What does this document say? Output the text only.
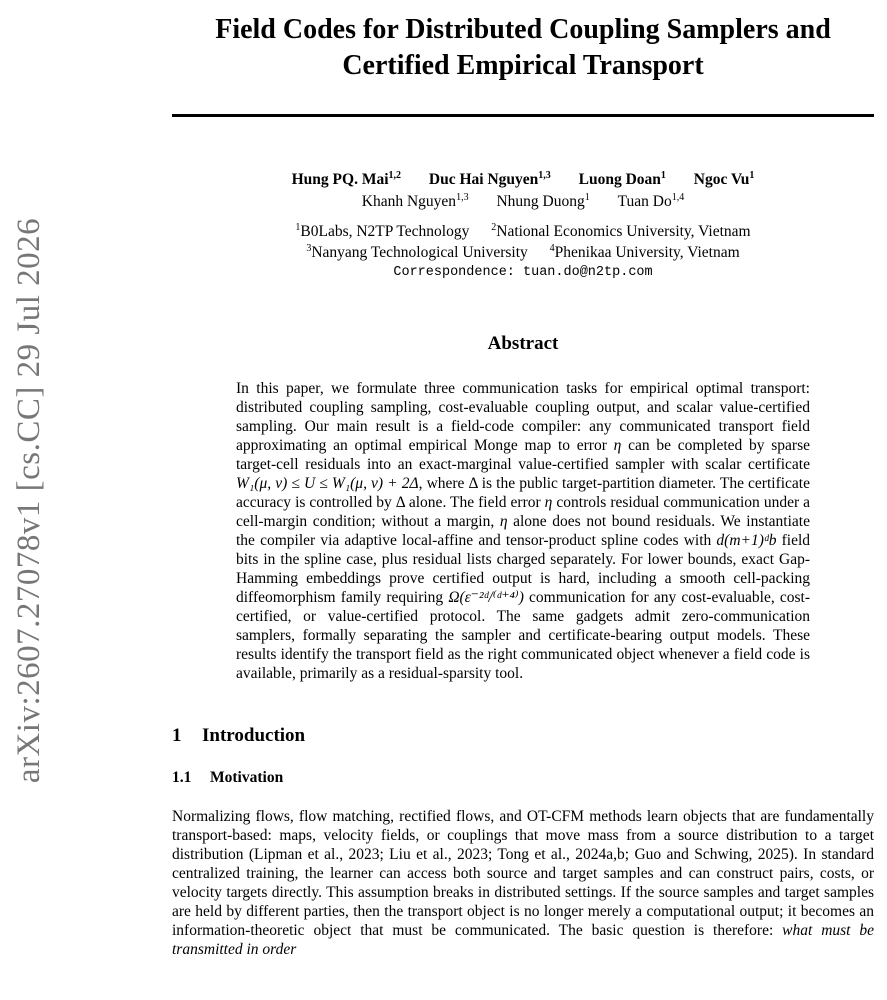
arXiv:2607.27078v1 [cs.CC] 29 Jul 2026
Field Codes for Distributed Coupling Samplers and
Certified Empirical Transport
Hung PQ. Mai$^{1,2}$ Duc Hai Nguyen$^{1,3}$ Luong Doan$^1$ Ngoc Vu$^1$
Khanh Nguyen$^{1,3}$ Nhung Duong$^1$ Tuan Do$^{1,4}$
$^1$B0Labs, N2TP Technology $^2$National Economics University, Vietnam
$^3$Nanyang Technological University $^4$Phenikaa University, Vietnam
Correspondence: tuan.do@n2tp.com
Abstract
In this paper, we formulate three communication tasks for empirical optimal transport: distributed coupling sampling, cost-evaluable coupling output, and scalar value-certified sampling. Our main result is a field-code compiler: any communicated transport field approximating an optimal empirical Monge map to error η can be completed by sparse target-cell residuals into an exact-marginal value-certified sampler with scalar certificate W₁(μ, ν) ≤ U ≤ W₁(μ, ν) + 2Δ, where Δ is the public target-partition diameter. The certificate accuracy is controlled by Δ alone. The field error η controls residual communication under a cell-margin condition; without a margin, η alone does not bound residuals. We instantiate the compiler via adaptive local-affine and tensor-product spline codes with d(m+1)ᵈb field bits in the spline case, plus residual lists charged separately. For lower bounds, exact Gap-Hamming embeddings prove certified output is hard, including a smooth cell-packing diffeomorphism family requiring Ω(ε⁻²ᵈ/⁽ᵈ⁺⁴⁾) communication for any cost-evaluable, cost-certified, or value-certified protocol. The same gadgets admit zero-communication samplers, formally separating the sampler and certificate-bearing output models. These results identify the transport field as the right communicated object whenever a field code is available, primarily as a residual-sparsity tool.
1 Introduction
1.1 Motivation
Normalizing flows, flow matching, rectified flows, and OT-CFM methods learn objects that are fundamentally transport-based: maps, velocity fields, or couplings that move mass from a source distribution to a target distribution (Lipman et al., 2023; Liu et al., 2023; Tong et al., 2024a,b; Guo and Schwing, 2025). In standard centralized training, the learner can access both source and target samples and can construct pairs, costs, or velocity targets directly. This assumption breaks in distributed settings. If the source samples and target samples are held by different parties, then the transport object is no longer merely a computational output; it becomes an information-theoretic object that must be communicated. The basic question is therefore: what must be transmitted in order
